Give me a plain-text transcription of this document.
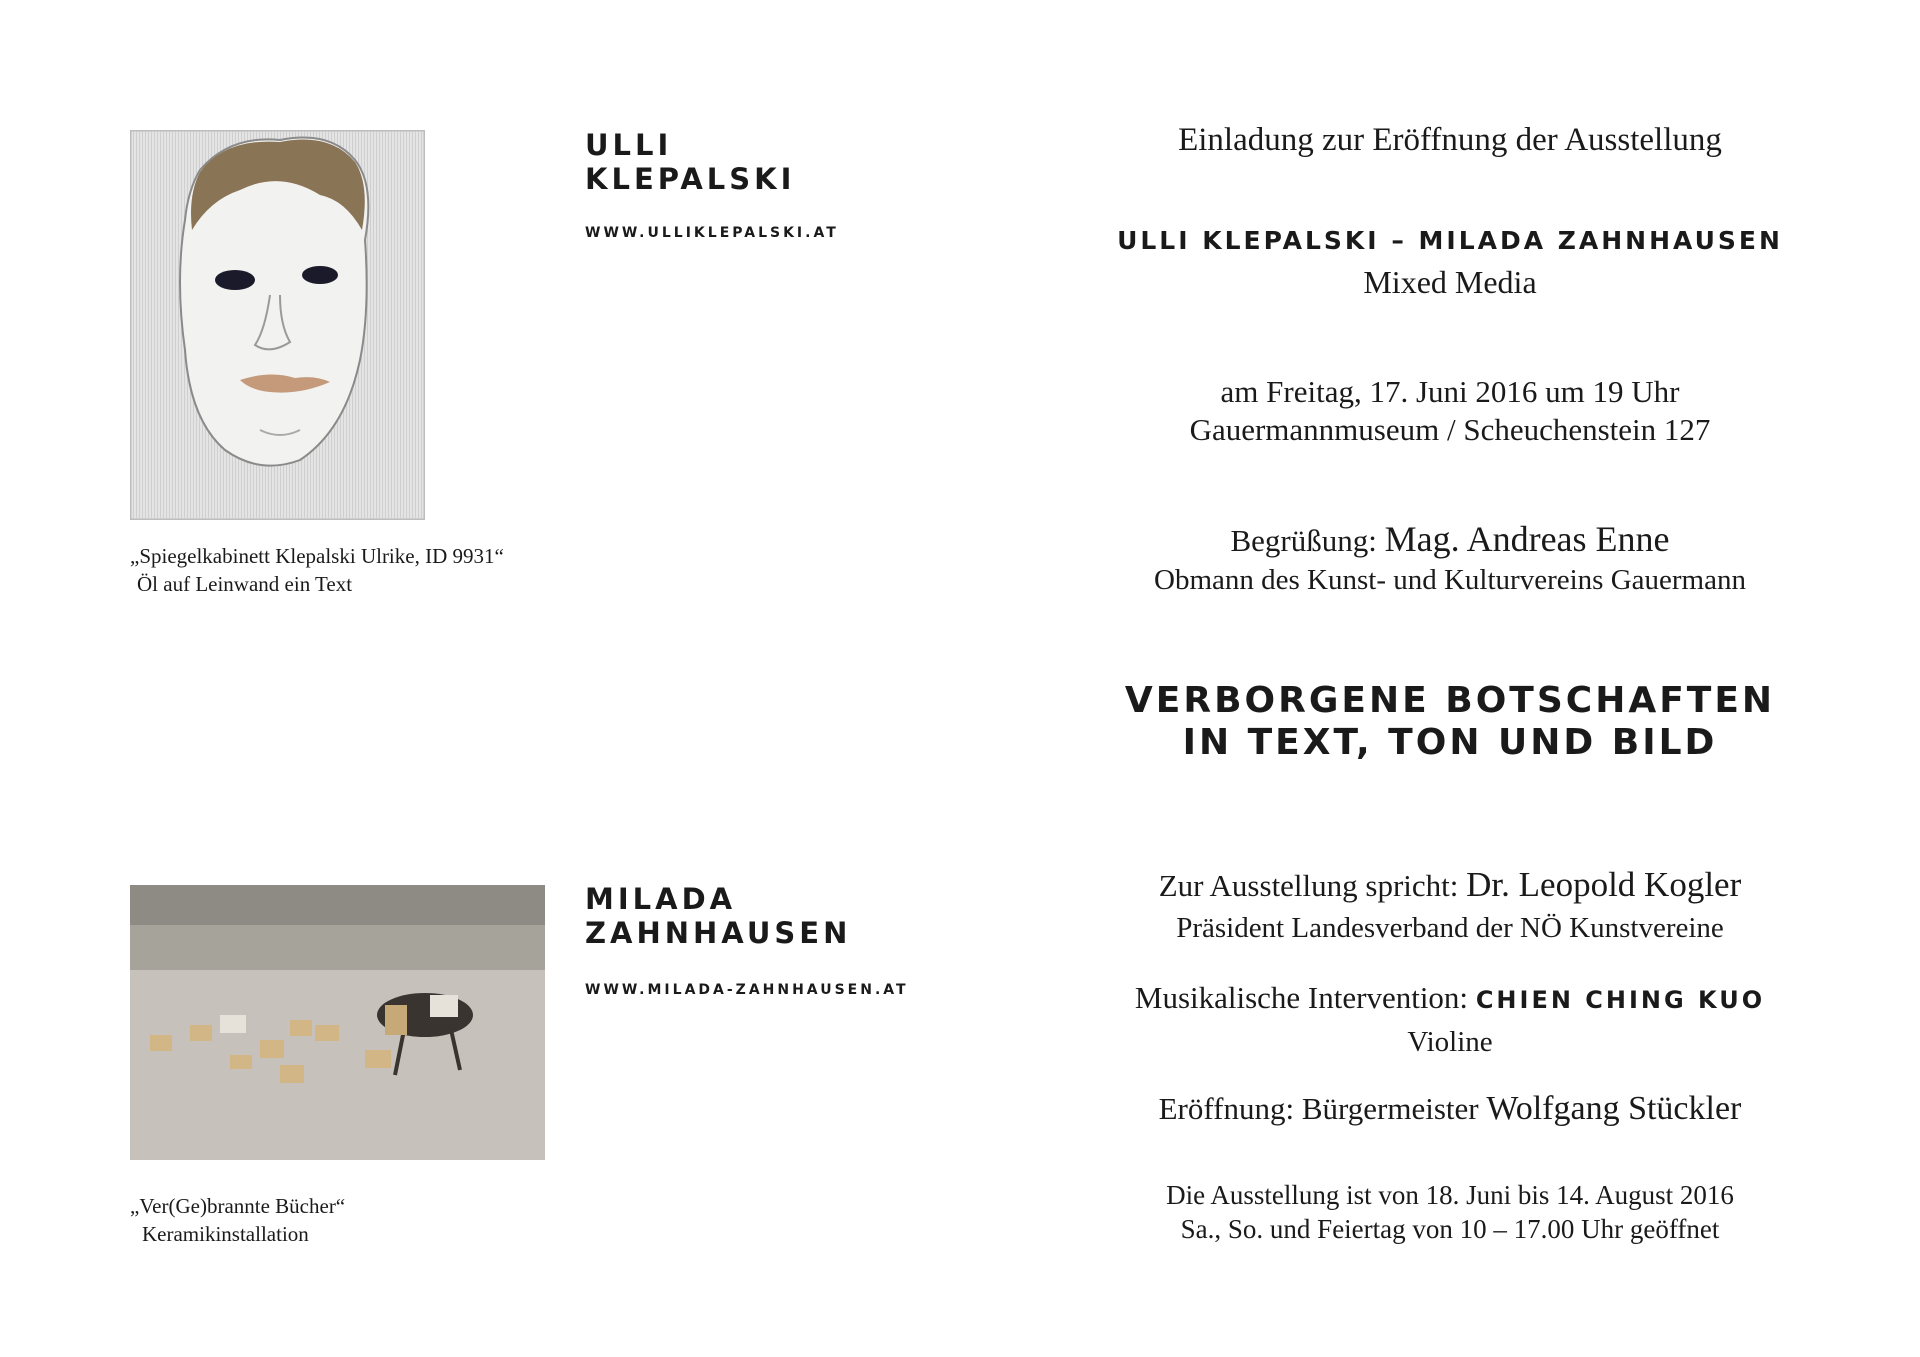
„Spiegelkabinett Klepalski Ulrike, ID 9931“
Öl auf Leinwand ein Text
ULLI
KLEPALSKI
WWW.ULLIKLEPALSKI.AT
„Ver(Ge)brannte Bücher“
Keramikinstallation
MILADA
ZAHNHAUSEN
WWW.MILADA-ZAHNHAUSEN.AT
Einladung zur Eröffnung der Ausstellung
ULLI KLEPALSKI – MILADA ZAHNHAUSEN
Mixed Media
am Freitag, 17. Juni 2016 um 19 Uhr
Gauermannmuseum / Scheuchenstein 127
Begrüßung: Mag. Andreas Enne
Obmann des Kunst- und Kulturvereins Gauermann
VERBORGENE BOTSCHAFTEN
IN TEXT, TON UND BILD
Zur Ausstellung spricht: Dr. Leopold Kogler
Präsident Landesverband der NÖ Kunstvereine
Musikalische Intervention: CHIEN CHING KUO
Violine
Eröffnung: Bürgermeister Wolfgang Stückler
Die Ausstellung ist von 18. Juni bis 14. August 2016
Sa., So. und Feiertag von 10 – 17.00 Uhr geöffnet
